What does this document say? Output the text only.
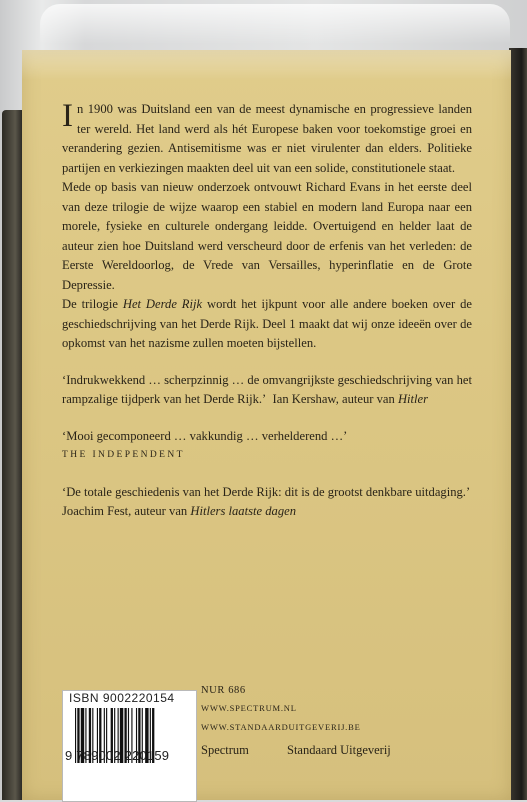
In 1900 was Duitsland een van de meest dynamische en progressieve landen ter wereld. Het land werd als hét Europese baken voor toekomstige groei en verandering gezien. Antisemitisme was er niet virulenter dan elders. Politieke partijen en verkiezingen maakten deel uit van een solide, constitutionele staat.

Mede op basis van nieuw onderzoek ontvouwt Richard Evans in het eerste deel van deze trilogie de wijze waarop een stabiel en modern land Europa naar een morele, fysieke en culturele ondergang leidde. Overtuigend en helder laat de auteur zien hoe Duitsland werd verscheurd door de erfenis van het verleden: de Eerste Wereldoorlog, de Vrede van Versailles, hyperinflatie en de Grote Depressie.

De trilogie Het Derde Rijk wordt het ijkpunt voor alle andere boeken over de geschiedschrijving van het Derde Rijk. Deel 1 maakt dat wij onze ideeën over de opkomst van het nazisme zullen moeten bijstellen.

‘Indrukwekkend … scherpzinnig … de omvangrijkste geschiedschrijving van het rampzalige tijdperk van het Derde Rijk.’ Ian Kershaw, auteur van Hitler

‘Mooi gecomponeerd … vakkundig … verhelderend …’

THE INDEPENDENT

‘De totale geschiedenis van het Derde Rijk: dit is de grootst denkbare uitdaging.’

Joachim Fest, auteur van Hitlers laatste dagen

ISBN 9002220154
9 789002 220159
NUR 686
WWW.SPECTRUM.NL
WWW.STANDAARDUITGEVERIJ.BE
Spectrum	Standaard Uitgeverij
